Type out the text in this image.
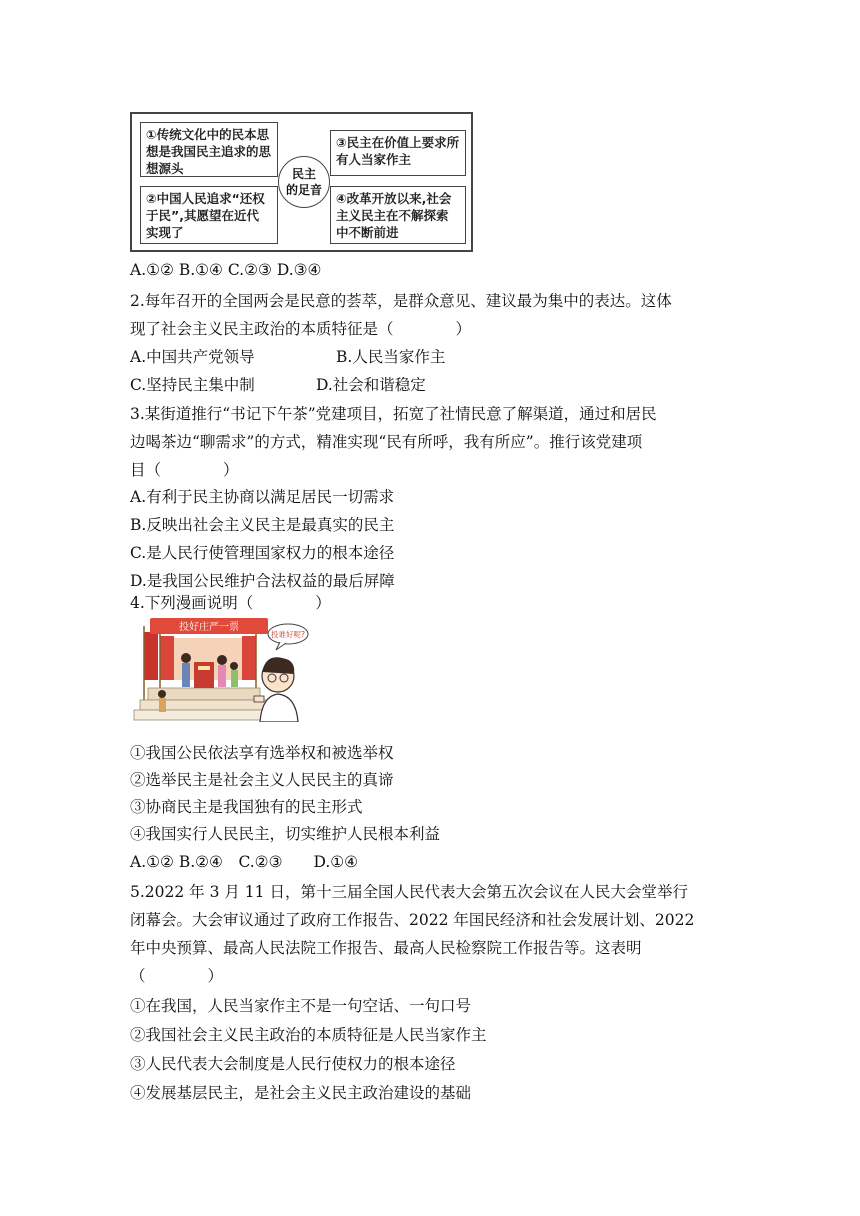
①传统文化中的民本思
想是我国民主追求的思
想源头
②中国人民追求“还权
于民”,其愿望在近代
实现了
民主
的足音
③民主在价值上要求所
有人当家作主
④改革开放以来,社会
主义民主在不解探索
中不断前进
A.①② B.①④ C.②③ D.③④
2.每年召开的全国两会是民意的荟萃，是群众意见、建议最为集中的表达。这体
现了社会主义民主政治的本质特征是（　　　　）
A.中国共产党领导	B.人民当家作主
C.坚持民主集中制	D.社会和谐稳定
3.某街道推行“书记下午茶”党建项目，拓宽了社情民意了解渠道，通过和居民
边喝茶边“聊需求”的方式，精准实现“民有所呼，我有所应”。推行该党建项
目（　　　　）
A.有利于民主协商以满足居民一切需求
B.反映出社会主义民主是最真实的民主
C.是人民行使管理国家权力的根本途径
D.是我国公民维护合法权益的最后屏障
4.下列漫画说明（　　　　）
投好庄严一票
投谁好呢?
①我国公民依法享有选举权和被选举权
②选举民主是社会主义人民民主的真谛
③协商民主是我国独有的民主形式
④我国实行人民民主，切实维护人民根本利益
A.①② B.②④　C.②③　　D.①④
5.2022 年 3 月 11 日，第十三届全国人民代表大会第五次会议在人民大会堂举行
闭幕会。大会审议通过了政府工作报告、2022 年国民经济和社会发展计划、2022
年中央预算、最高人民法院工作报告、最高人民检察院工作报告等。这表明
（　　　　）
①在我国，人民当家作主不是一句空话、一句口号
②我国社会主义民主政治的本质特征是人民当家作主
③人民代表大会制度是人民行使权力的根本途径
④发展基层民主，是社会主义民主政治建设的基础
